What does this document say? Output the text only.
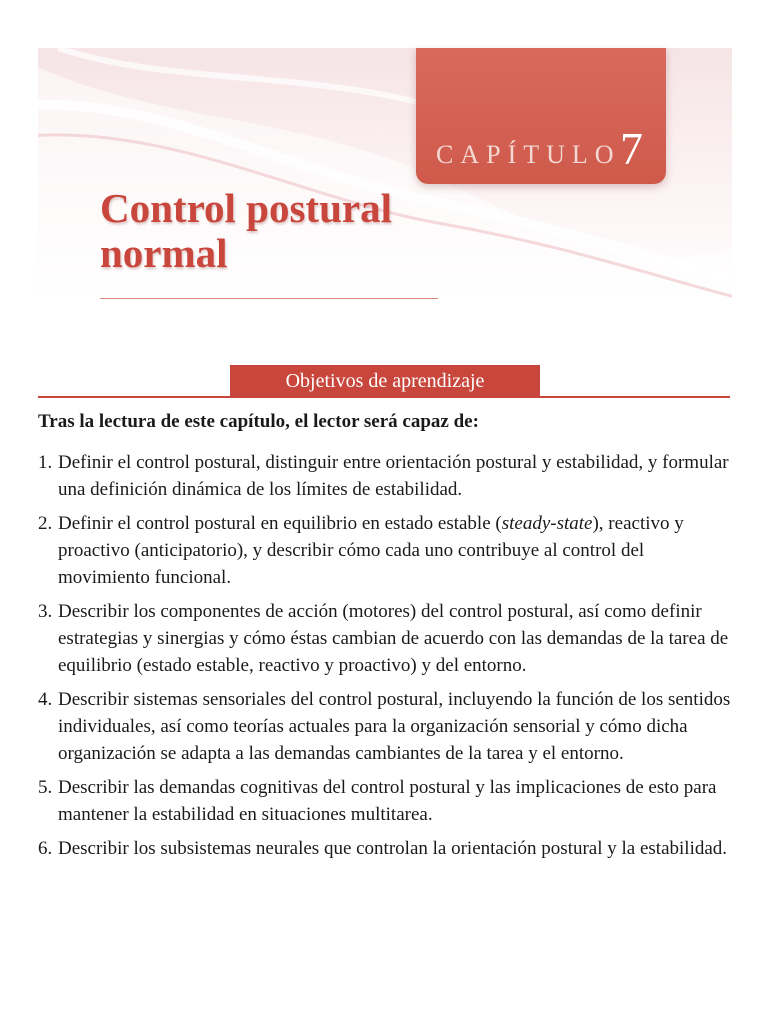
CAPÍTULO 7
Control postural
normal
Objetivos de aprendizaje
Tras la lectura de este capítulo, el lector será capaz de:
1. Definir el control postural, distinguir entre orientación postural y estabilidad, y formular una definición dinámica de los límites de estabilidad.
2. Definir el control postural en equilibrio en estado estable (steady-state), reactivo y proactivo (anticipatorio), y describir cómo cada uno contribuye al control del movimiento funcional.
3. Describir los componentes de acción (motores) del control postural, así como definir estrategias y sinergias y cómo éstas cambian de acuerdo con las demandas de la tarea de equilibrio (estado estable, reactivo y proactivo) y del entorno.
4. Describir sistemas sensoriales del control postural, incluyendo la función de los sentidos individuales, así como teorías actuales para la organización sensorial y cómo dicha organización se adapta a las demandas cambiantes de la tarea y el entorno.
5. Describir las demandas cognitivas del control postural y las implicaciones de esto para mantener la estabilidad en situaciones multitarea.
6. Describir los subsistemas neurales que controlan la orientación postural y la estabilidad.
